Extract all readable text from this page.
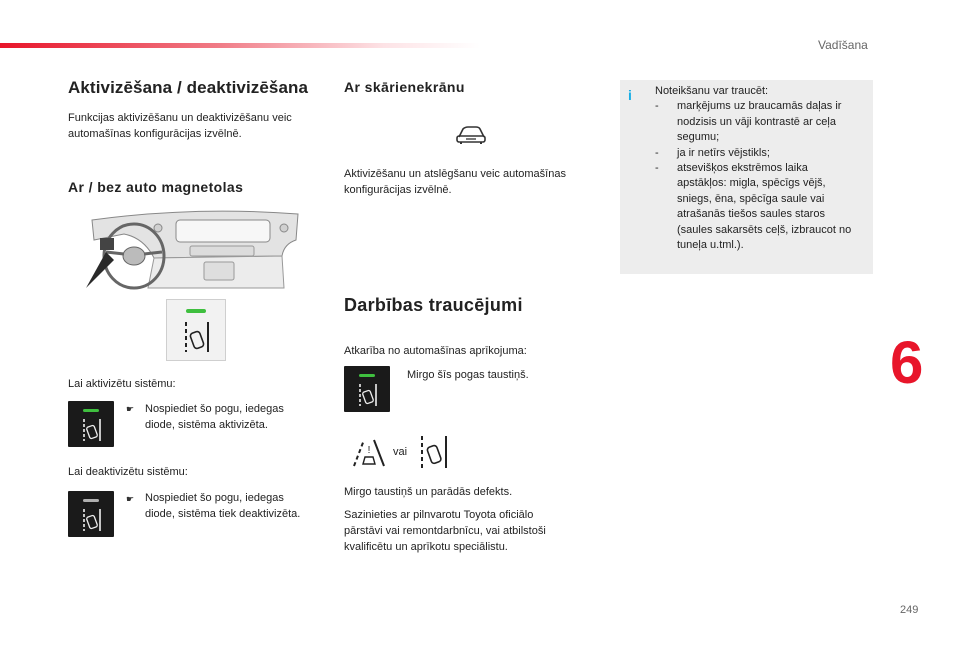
Vadīšana
Aktivizēšana / deaktivizēšana
Funkcijas aktivizēšanu un deaktivizēšanu veic
automašīnas konfigurācijas izvēlnē.
Ar / bez auto magnetolas
Lai aktivizētu sistēmu:
☛ Nospiediet šo pogu, iedegas
diode, sistēma aktivizēta.
Lai deaktivizētu sistēmu:
☛ Nospiediet šo pogu, iedegas
diode, sistēma tiek deaktivizēta.
Ar skārienekrānu
Aktivizēšanu un atslēgšanu veic automašīnas
konfigurācijas izvēlnē.
Darbības traucējumi
Atkarība no automašīnas aprīkojuma:
Mirgo šīs pogas taustiņš.
! vai
Mirgo taustiņš un parādās defekts.
Sazinieties ar pilnvarotu Toyota oficiālo
pārstāvi vai remontdarbnīcu, vai atbilstoši
kvalificētu un aprīkotu speciālistu.
i Noteikšanu var traucēt:
-	marķējums uz braucamās daļas ir
nodzisis un vāji kontrastē ar ceļa
segumu;
-	ja ir netīrs vējstikls;
-	atsevišķos ekstrēmos laika
apstākļos: migla, spēcīgs vējš,
sniegs, ēna, spēcīga saule vai
atrašanās tiešos saules staros
(saules sakarsēts ceļš, izbraucot no
tuneļa u.tml.).
6
249
